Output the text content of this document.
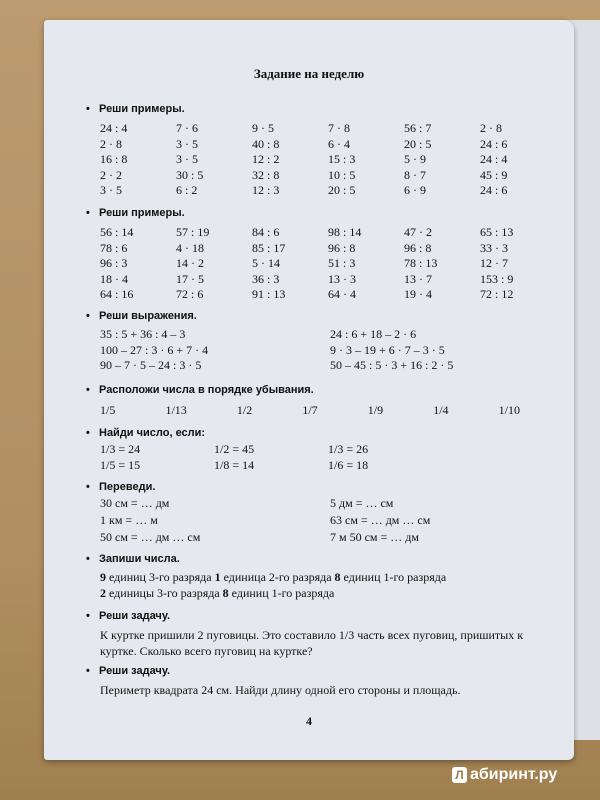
Задание на неделю
• Реши примеры.
24 : 4	7 · 6	9 · 5	7 · 8	56 : 7	2 · 8
2 · 8	3 · 5	40 : 8	6 · 4	20 : 5	24 : 6
16 : 8	3 · 5	12 : 2	15 : 3	5 · 9	24 : 4
2 · 2	30 : 5	32 : 8	10 : 5	8 · 7	45 : 9
3 · 5	6 : 2	12 : 3	20 : 5	6 · 9	24 : 6
• Реши примеры.
56 : 14	57 : 19	84 : 6	98 : 14	47 · 2	65 : 13
78 : 6	4 · 18	85 : 17	96 : 8	96 : 8	33 · 3
96 : 3	14 · 2	5 · 14	51 : 3	78 : 13	12 · 7
18 · 4	17 · 5	36 : 3	13 · 3	13 · 7	153 : 9
64 : 16	72 : 6	91 : 13	64 · 4	19 · 4	72 : 12
• Реши выражения.
35 : 5 + 36 : 4 – 3	24 : 6 + 18 – 2 · 6
100 – 27 : 3 · 6 + 7 · 4	9 · 3 – 19 + 6 · 7 – 3 · 5
90 – 7 · 5 – 24 : 3 · 5	50 – 45 : 5 · 3 + 16 : 2 · 5
• Расположи числа в порядке убывания.
1/5	1/13	1/2	1/7	1/9	1/4	1/10
• Найди число, если:
1/3 = 24	1/2 = 45	1/3 = 26
1/5 = 15	1/8 = 14	1/6 = 18
• Переведи.
30 см = … дм	5 дм = … см
1 км = … м	63 см = … дм … см
50 см = … дм … см	7 м 50 см = … дм
• Запиши числа.
9 единиц 3-го разряда 1 единица 2-го разряда 8 единиц 1-го разряда
2 единицы 3-го разряда 8 единиц 1-го разряда
• Реши задачу.
К куртке пришили 2 пуговицы. Это составило 1/3 часть всех пуговиц, пришитых к куртке. Сколько всего пуговиц на куртке?
• Реши задачу.
Периметр квадрата 24 см. Найди длину одной его стороны и площадь.
4
Л абиринт.ру
